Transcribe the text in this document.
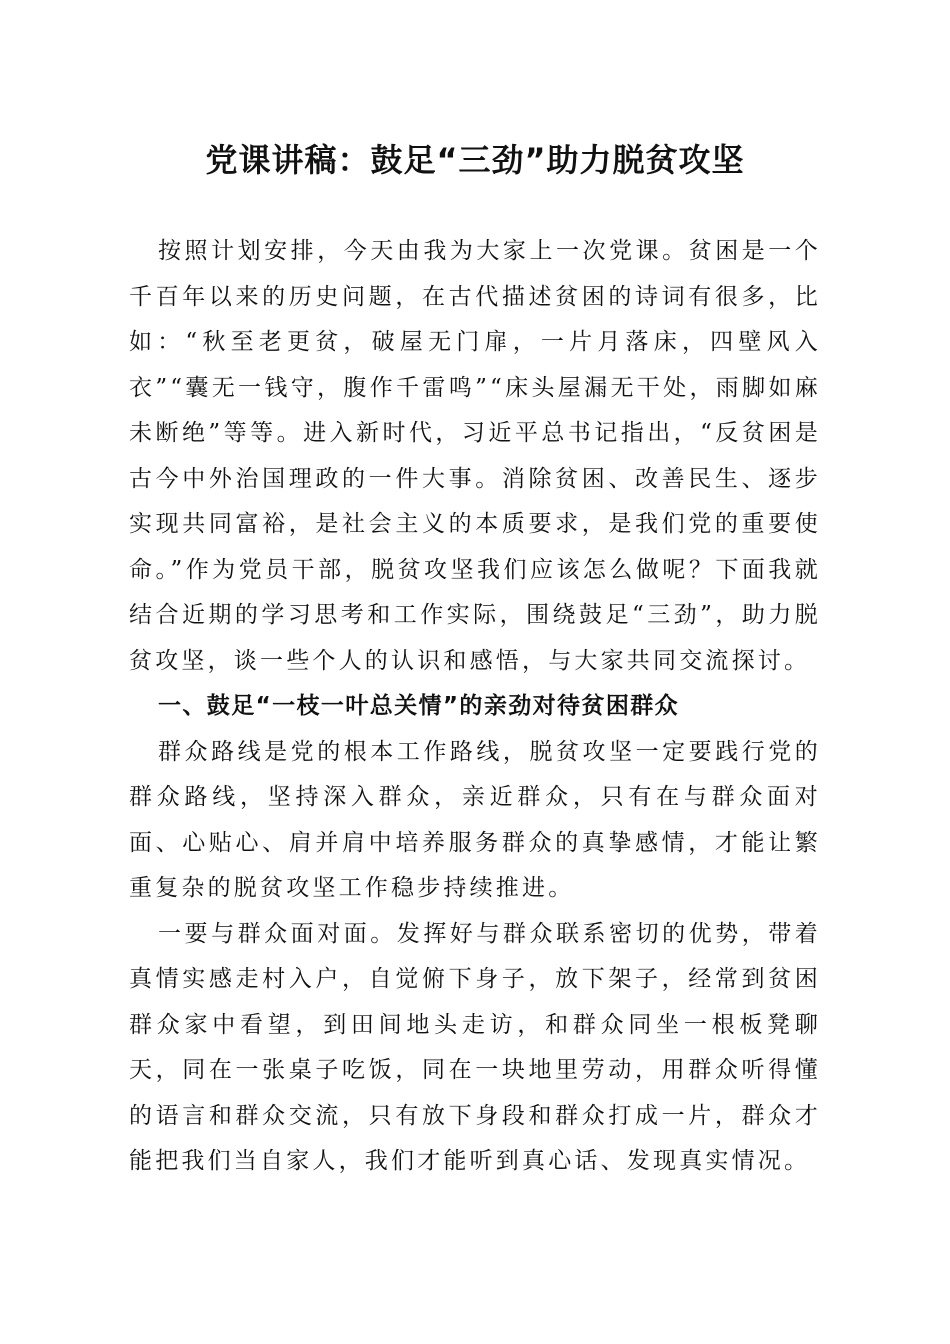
党课讲稿：鼓足“三劲”助力脱贫攻坚

按照计划安排，今天由我为大家上一次党课。贫困是一个千百年以来的历史问题，在古代描述贫困的诗词有很多，比如：“秋至老更贫，破屋无门扉，一片月落床，四壁风入衣”“囊无一钱守，腹作千雷鸣”“床头屋漏无干处，雨脚如麻未断绝”等等。进入新时代，习近平总书记指出，“反贫困是古今中外治国理政的一件大事。消除贫困、改善民生、逐步实现共同富裕，是社会主义的本质要求，是我们党的重要使命。”作为党员干部，脱贫攻坚我们应该怎么做呢？下面我就结合近期的学习思考和工作实际，围绕鼓足“三劲”，助力脱贫攻坚，谈一些个人的认识和感悟，与大家共同交流探讨。

一、鼓足“一枝一叶总关情”的亲劲对待贫困群众

群众路线是党的根本工作路线，脱贫攻坚一定要践行党的群众路线，坚持深入群众，亲近群众，只有在与群众面对面、心贴心、肩并肩中培养服务群众的真挚感情，才能让繁重复杂的脱贫攻坚工作稳步持续推进。

一要与群众面对面。发挥好与群众联系密切的优势，带着真情实感走村入户，自觉俯下身子，放下架子，经常到贫困群众家中看望，到田间地头走访，和群众同坐一根板凳聊天，同在一张桌子吃饭，同在一块地里劳动，用群众听得懂的语言和群众交流，只有放下身段和群众打成一片，群众才能把我们当自家人，我们才能听到真心话、发现真实情况。
